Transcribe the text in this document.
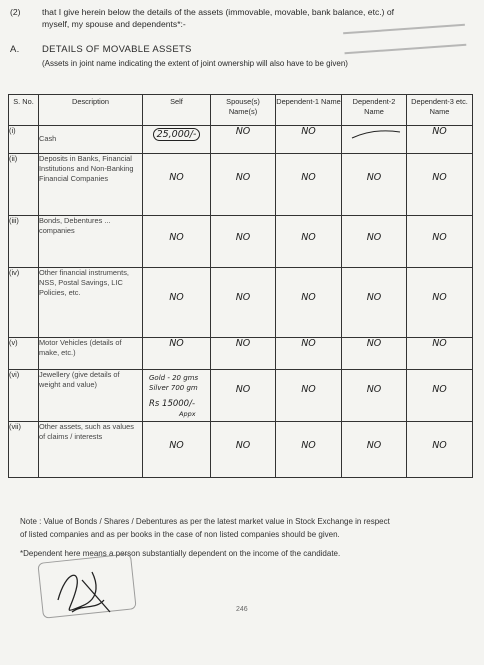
(2) that I give herein below the details of the assets (immovable, movable, bank balance, etc.) of
myself, my spouse and dependents*:-
A. DETAILS OF MOVABLE ASSETS
(Assets in joint name indicating the extent of joint ownership will also have to be given)
S. No.	Description	Self	Spouse(s) Name(s)	Dependent-1 Name	Dependent-2 Name	Dependent-3 etc. Name
(i)	Cash	25,000/-	NO	NO		NO
(ii)	Deposits in Banks, Financial Institutions and Non-Banking Financial Companies	NO	NO	NO	NO	NO
(iii)	Bonds, Debentures ... companies	NO	NO	NO	NO	NO
(iv)	Other financial instruments, NSS, Postal Savings, LIC Policies, etc.	NO	NO	NO	NO	NO
(v)	Motor Vehicles (details of make, etc.)	NO	NO	NO	NO	NO
(vi)	Jewellery (give details of weight and value)	Gold - 20 gms
Silver 700 gm
Rs 15000/-
Appx	NO	NO	NO	NO
(vii)	Other assets, such as values of claims / interests	NO	NO	NO	NO	NO
Note : Value of Bonds / Shares / Debentures as per the latest market value in Stock Exchange in respect
of listed companies and as per books in the case of non listed companies should be given.
*Dependent here means a person substantially dependent on the income of the candidate.
246
